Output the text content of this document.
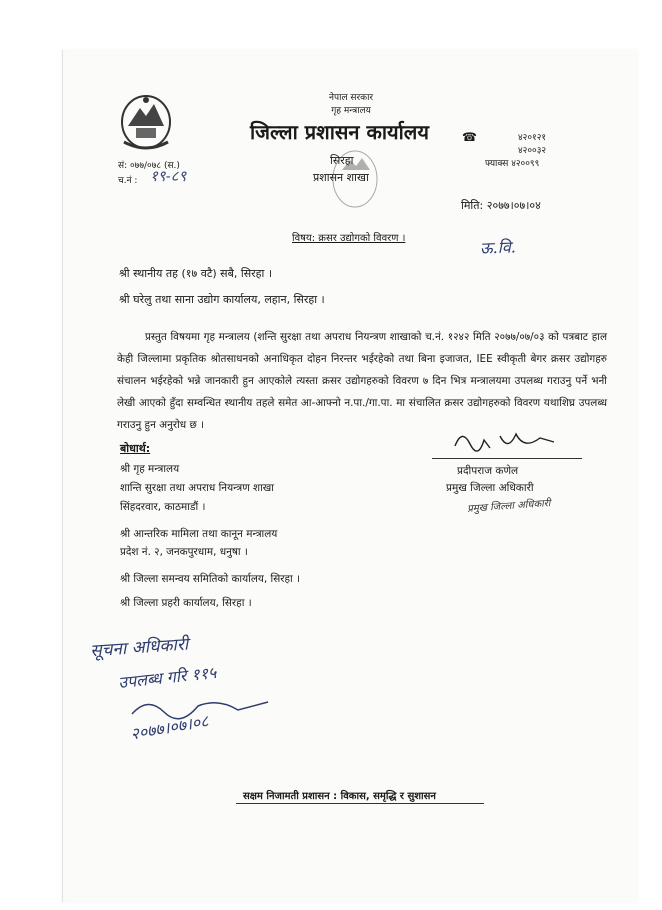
नेपाल सरकार
गृह मन्त्रालय
जिल्ला प्रशासन कार्यालय
सिरहा
प्रशासन शाखा
सं: ०७७/०७८ (स.)
च.नं : १९-८९
☎	४२०१२१
४२००३२
फ्याक्स ४२००९९
मिति: २०७७।०७।०४
विषय: क्रसर उद्योगको विवरण ।	ऊ.वि.
श्री स्थानीय तह (१७ वटै) सबै, सिरहा ।
श्री घरेलु तथा साना उद्योग कार्यालय, लहान, सिरहा ।
प्रस्तुत विषयमा गृह मन्त्रालय (शन्ति सुरक्षा तथा अपराध नियन्त्रण शाखाको च.नं. १२४२ मिति २०७७/०७/०३ को पत्रबाट हाल केही जिल्लामा प्रकृतिक श्रोतसाधनको अनाधिकृत दोहन निरन्तर भईरहेको तथा बिना इजाजत, IEE स्वीकृती बेगर क्रसर उद्योगहरु संचालन भईरहेको भन्ने जानकारी हुन आएकोले त्यस्ता क्रसर उद्योगहरुको विवरण ७ दिन भित्र मन्त्रालयमा उपलब्ध गराउनु पर्ने भनी लेखी आएको हुँदा सम्वन्धित स्थानीय तहले समेत आ-आफ्नो न.पा./गा.पा. मा संचालित क्रसर उद्योगहरुको विवरण यथाशिघ्र उपलब्ध गराउनु हुन अनुरोध छ ।
प्रदीपराज कणेल
प्रमुख जिल्ला अधिकारी
प्रमुख जिल्ला अधिकारी
बोधार्थ:
श्री गृह मन्त्रालय
शान्ति सुरक्षा तथा अपराध नियन्त्रण शाखा
सिंहदरवार, काठमाडौं ।
श्री आन्तरिक मामिला तथा कानून मन्त्रालय
प्रदेश नं. २, जनकपुरधाम, धनुषा ।
श्री जिल्ला समन्वय समितिको कार्यालय, सिरहा ।
श्री जिल्ला प्रहरी कार्यालय, सिरहा ।
सूचना अधिकारी
उपलब्ध गरि ११५
२०७७।०७।०८
सक्षम निजामती प्रशासन : विकास, समृद्धि र सुशासन
